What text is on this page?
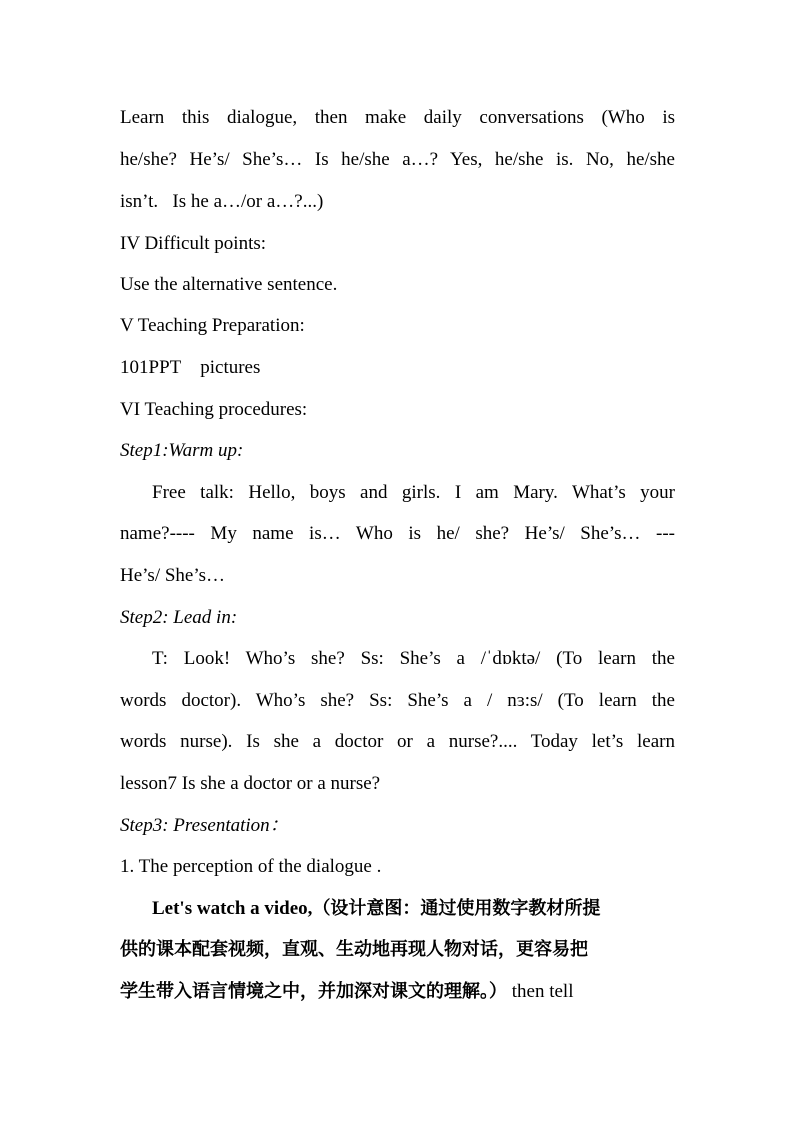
Learn this dialogue, then make daily conversations (Who is
he/she? He’s/ She’s… Is he/she a…? Yes, he/she is. No, he/she
isn’t.   Is he a…/or a…?...)
IV Difficult points:
Use the alternative sentence.
V Teaching Preparation:
101PPT    pictures
VI Teaching procedures:
Step1:Warm up:
Free talk: Hello, boys and girls. I am Mary. What’s your
name?---- My name is… Who is he/ she? He’s/ She’s… ---
He’s/ She’s…
Step2: Lead in:
T: Look! Who’s she? Ss: She’s a /ˈdɒktə/ (To learn the
words doctor). Who’s she? Ss: She’s a / nɜ:s/ (To learn the
words nurse). Is she a doctor or a nurse?.... Today let’s learn
lesson7 Is she a doctor or a nurse?
Step3: Presentation：
1. The perception of the dialogue .
Let's watch a video,（设计意图：通过使用数字教材所提
供的课本配套视频，直观、生动地再现人物对话，更容易把
学生带入语言情境之中，并加深对课文的理解。） then tell
